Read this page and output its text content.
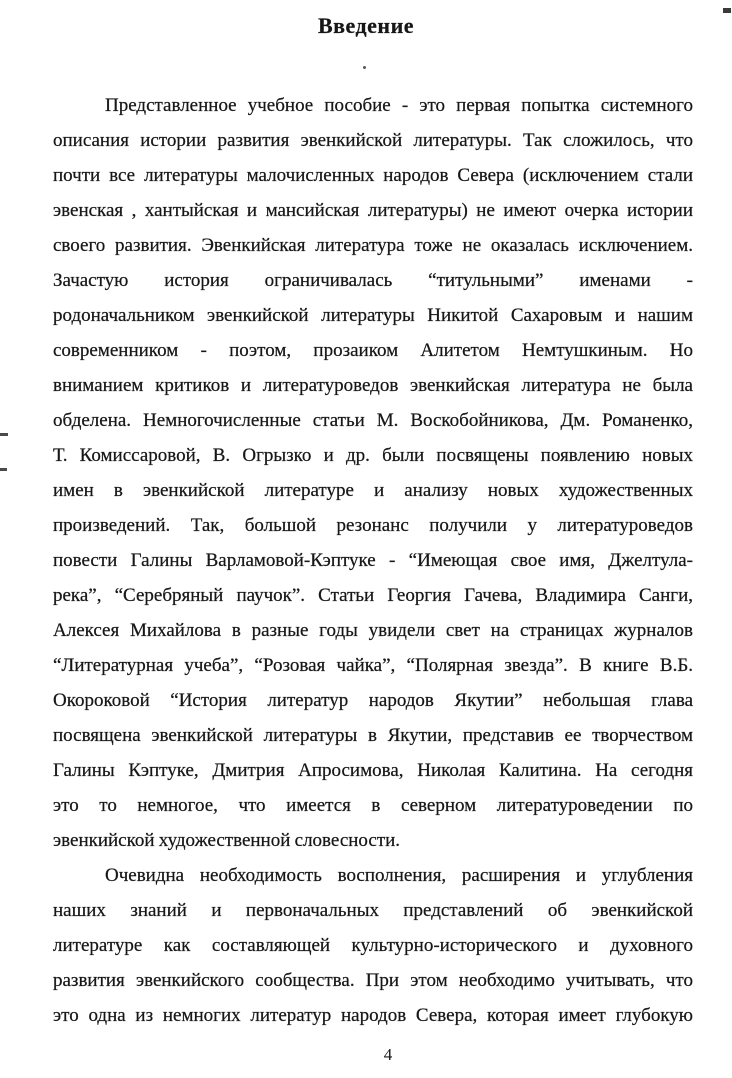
Введение
Представленное учебное пособие - это первая попытка системного
описания истории развития эвенкийской литературы. Так сложилось, что
почти все литературы малочисленных народов Севера (исключением стали
эвенская , хантыйская и мансийская литературы) не имеют очерка истории
своего развития. Эвенкийская литература тоже не оказалась исключением.
Зачастую история ограничивалась “титульными” именами -
родоначальником эвенкийской литературы Никитой Сахаровым и нашим
современником - поэтом, прозаиком Алитетом Немтушкиным. Но
вниманием критиков и литературоведов эвенкийская литература не была
обделена. Немногочисленные статьи М. Воскобойникова, Дм. Романенко,
Т. Комиссаровой, В. Огрызко и др. были посвящены появлению новых
имен в эвенкийской литературе и анализу новых художественных
произведений. Так, большой резонанс получили у литературоведов
повести Галины Варламовой-Кэптуке - “Имеющая свое имя, Джелтула-
река”, “Серебряный паучок”. Статьи Георгия Гачева, Владимира Санги,
Алексея Михайлова в разные годы увидели свет на страницах журналов
“Литературная учеба”, “Розовая чайка”, “Полярная звезда”. В книге В.Б.
Окороковой “История литератур народов Якутии” небольшая глава
посвящена эвенкийской литературы в Якутии, представив ее творчеством
Галины Кэптуке, Дмитрия Апросимова, Николая Калитина. На сегодня
это то немногое, что имеется в северном литературоведении по
эвенкийской художественной словесности.
Очевидна необходимость восполнения, расширения и углубления
наших знаний и первоначальных представлений об эвенкийской
литературе как составляющей культурно-исторического и духовного
развития эвенкийского сообщества. При этом необходимо учитывать, что
это одна из немногих литератур народов Севера, которая имеет глубокую
4
